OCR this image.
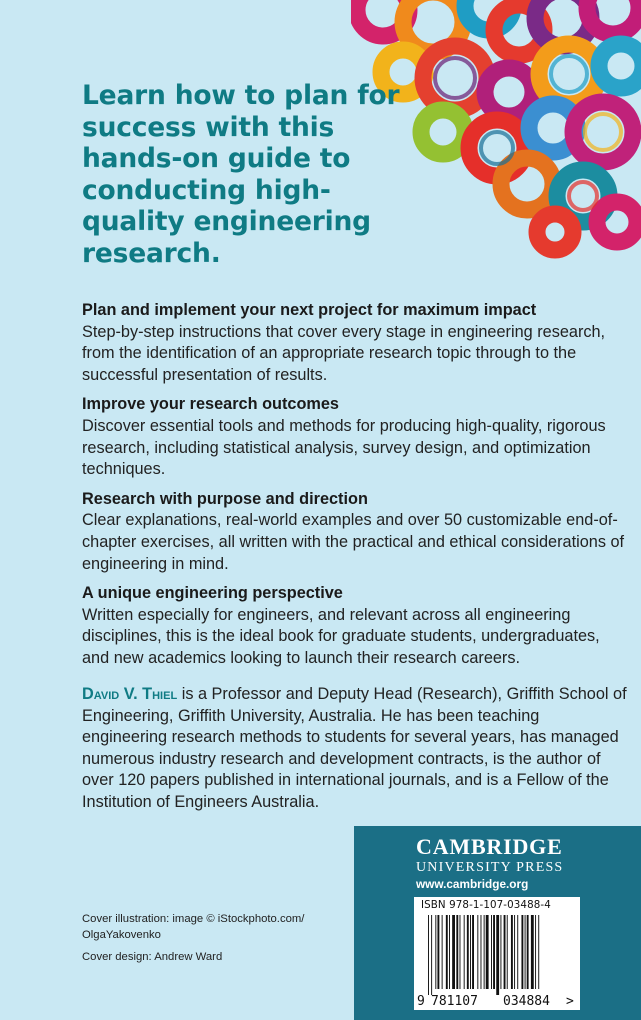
Learn how to plan for success with this hands-on guide to conducting high-quality engineering research.

Plan and implement your next project for maximum impact

Step-by-step instructions that cover every stage in engineering research, from the identification of an appropriate research topic through to the successful presentation of results.

Improve your research outcomes

Discover essential tools and methods for producing high-quality, rigorous research, including statistical analysis, survey design, and optimization techniques.

Research with purpose and direction

Clear explanations, real-world examples and over 50 customizable end-of-chapter exercises, all written with the practical and ethical considerations of engineering in mind.

A unique engineering perspective

Written especially for engineers, and relevant across all engineering disciplines, this is the ideal book for graduate students, undergraduates, and new academics looking to launch their research careers.

David V. Thiel is a Professor and Deputy Head (Research), Griffith School of Engineering, Griffith University, Australia. He has been teaching engineering research methods to students for several years, has managed numerous industry research and development contracts, is the author of over 120 papers published in international journals, and is a Fellow of the Institution of Engineers Australia.

Cover illustration: image © iStockphoto.com/ OlgaYakovenko
Cover design: Andrew Ward

CAMBRIDGE

UNIVERSITY PRESS

www.cambridge.org

ISBN 978-1-107-03488-4
9 781107 034884 >
